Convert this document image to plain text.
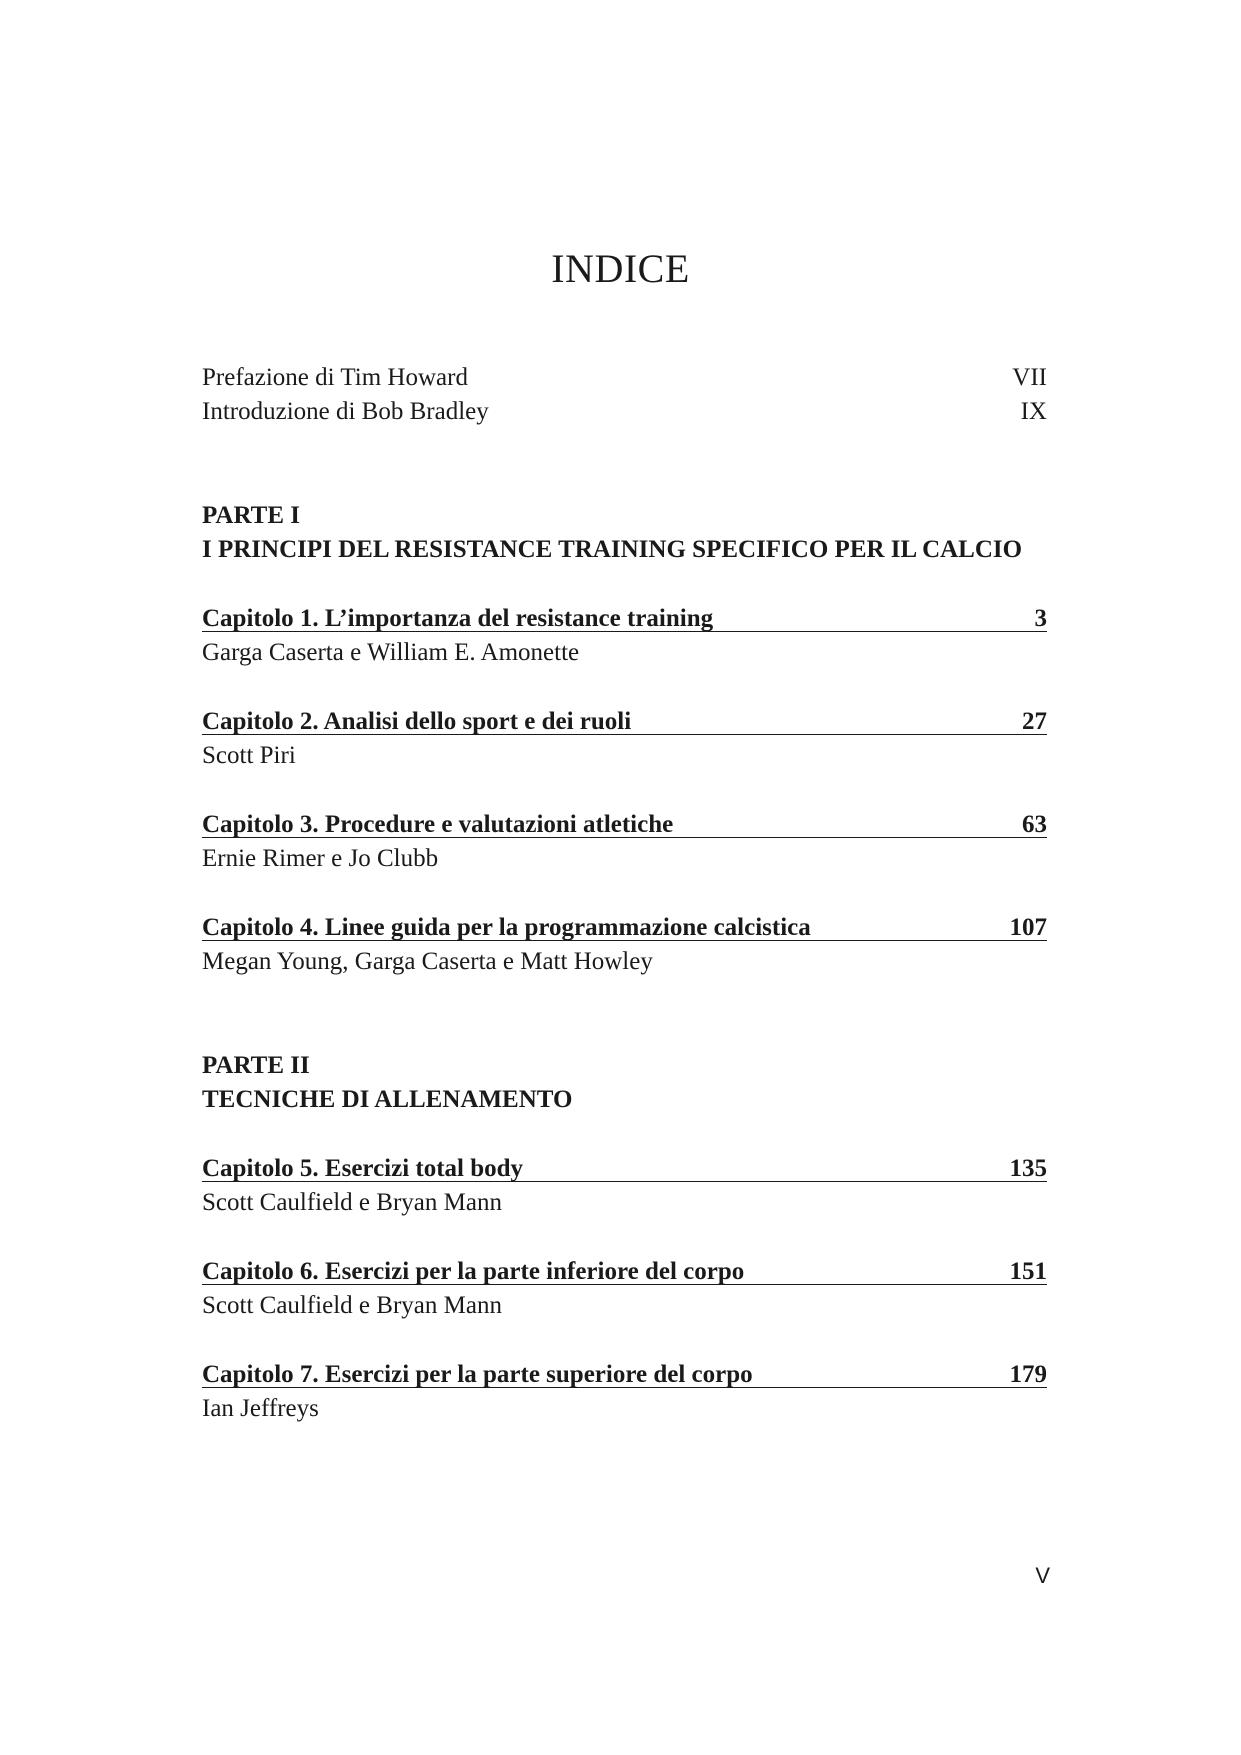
INDICE
Prefazione di Tim Howard	VII
Introduzione di Bob Bradley	IX
PARTE I
I PRINCIPI DEL RESISTANCE TRAINING SPECIFICO PER IL CALCIO
Capitolo 1. L’importanza del resistance training	3
Garga Caserta e William E. Amonette
Capitolo 2. Analisi dello sport e dei ruoli	27
Scott Piri
Capitolo 3. Procedure e valutazioni atletiche	63
Ernie Rimer e Jo Clubb
Capitolo 4. Linee guida per la programmazione calcistica	107
Megan Young, Garga Caserta e Matt Howley
PARTE II
TECNICHE DI ALLENAMENTO
Capitolo 5. Esercizi total body	135
Scott Caulfield e Bryan Mann
Capitolo 6. Esercizi per la parte inferiore del corpo	151
Scott Caulfield e Bryan Mann
Capitolo 7. Esercizi per la parte superiore del corpo	179
Ian Jeffreys
V
